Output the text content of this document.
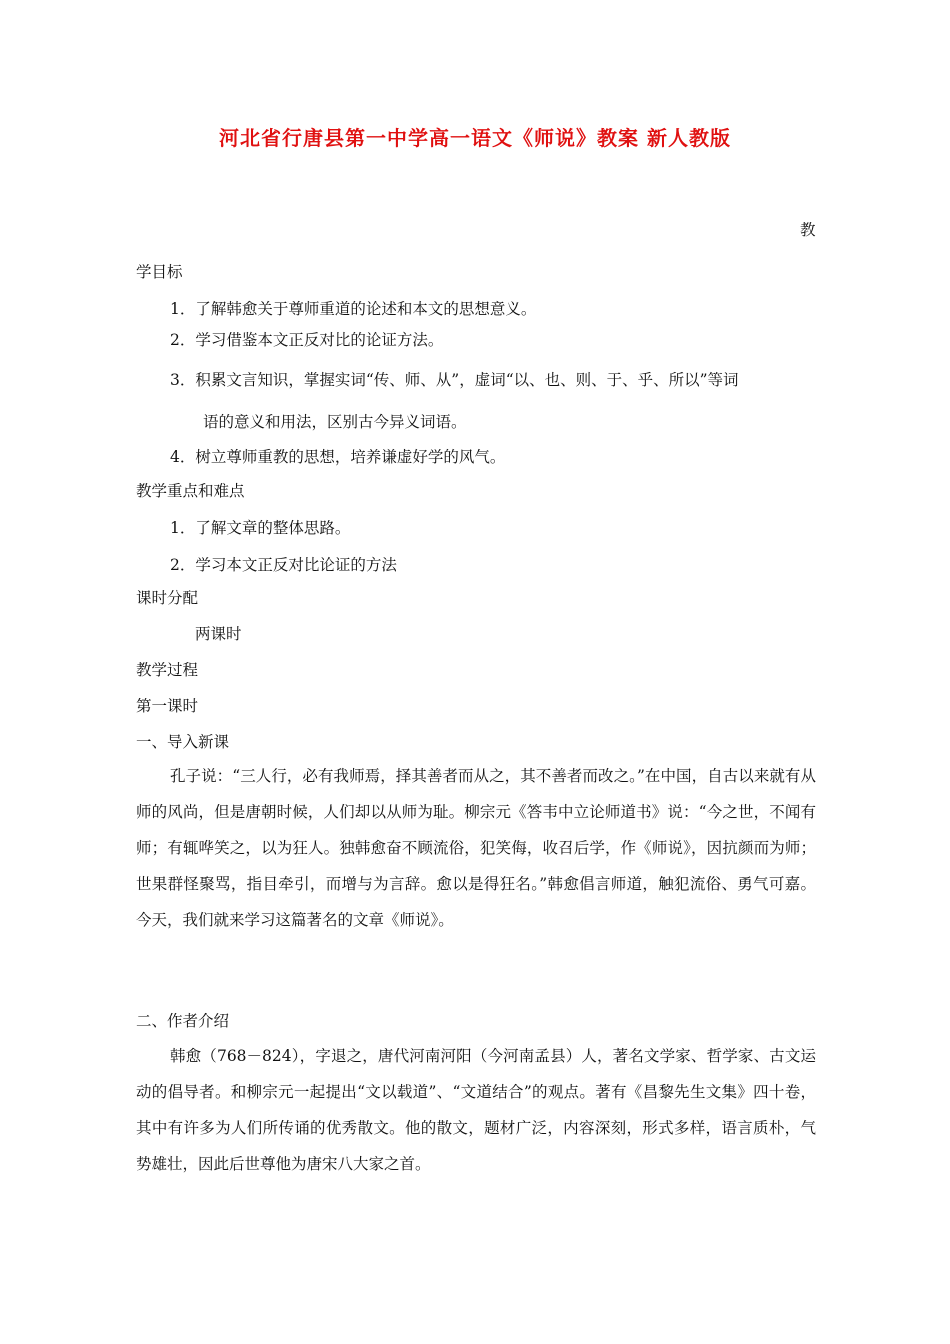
河北省行唐县第一中学高一语文《师说》教案 新人教版
教
学目标
1．了解韩愈关于尊师重道的论述和本文的思想意义。
2．学习借鉴本文正反对比的论证方法。
3．积累文言知识，掌握实词“传、师、从”，虚词“以、也、则、于、乎、所以”等词
语的意义和用法，区别古今异义词语。
4．树立尊师重教的思想，培养谦虚好学的风气。
教学重点和难点
1．了解文章的整体思路。
2．学习本文正反对比论证的方法
课时分配
两课时
教学过程
第一课时
一、导入新课

孔子说：“三人行，必有我师焉，择其善者而从之，其不善者而改之。”在中国，自古以来就有从师的风尚，但是唐朝时候，人们却以从师为耻。柳宗元《答韦中立论师道书》说：“今之世，不闻有师；有辄哗笑之，以为狂人。独韩愈奋不顾流俗，犯笑侮，收召后学，作《师说》，因抗颜而为师；世果群怪聚骂，指目牵引，而增与为言辞。愈以是得狂名。”韩愈倡言师道，触犯流俗、勇气可嘉。今天，我们就来学习这篇著名的文章《师说》。

二、作者介绍

韩愈（768－824），字退之，唐代河南河阳（今河南孟县）人，著名文学家、哲学家、古文运动的倡导者。和柳宗元一起提出“文以载道”、“文道结合”的观点。著有《昌黎先生文集》四十卷，其中有许多为人们所传诵的优秀散文。他的散文，题材广泛，内容深刻，形式多样，语言质朴，气势雄壮，因此后世尊他为唐宋八大家之首。
